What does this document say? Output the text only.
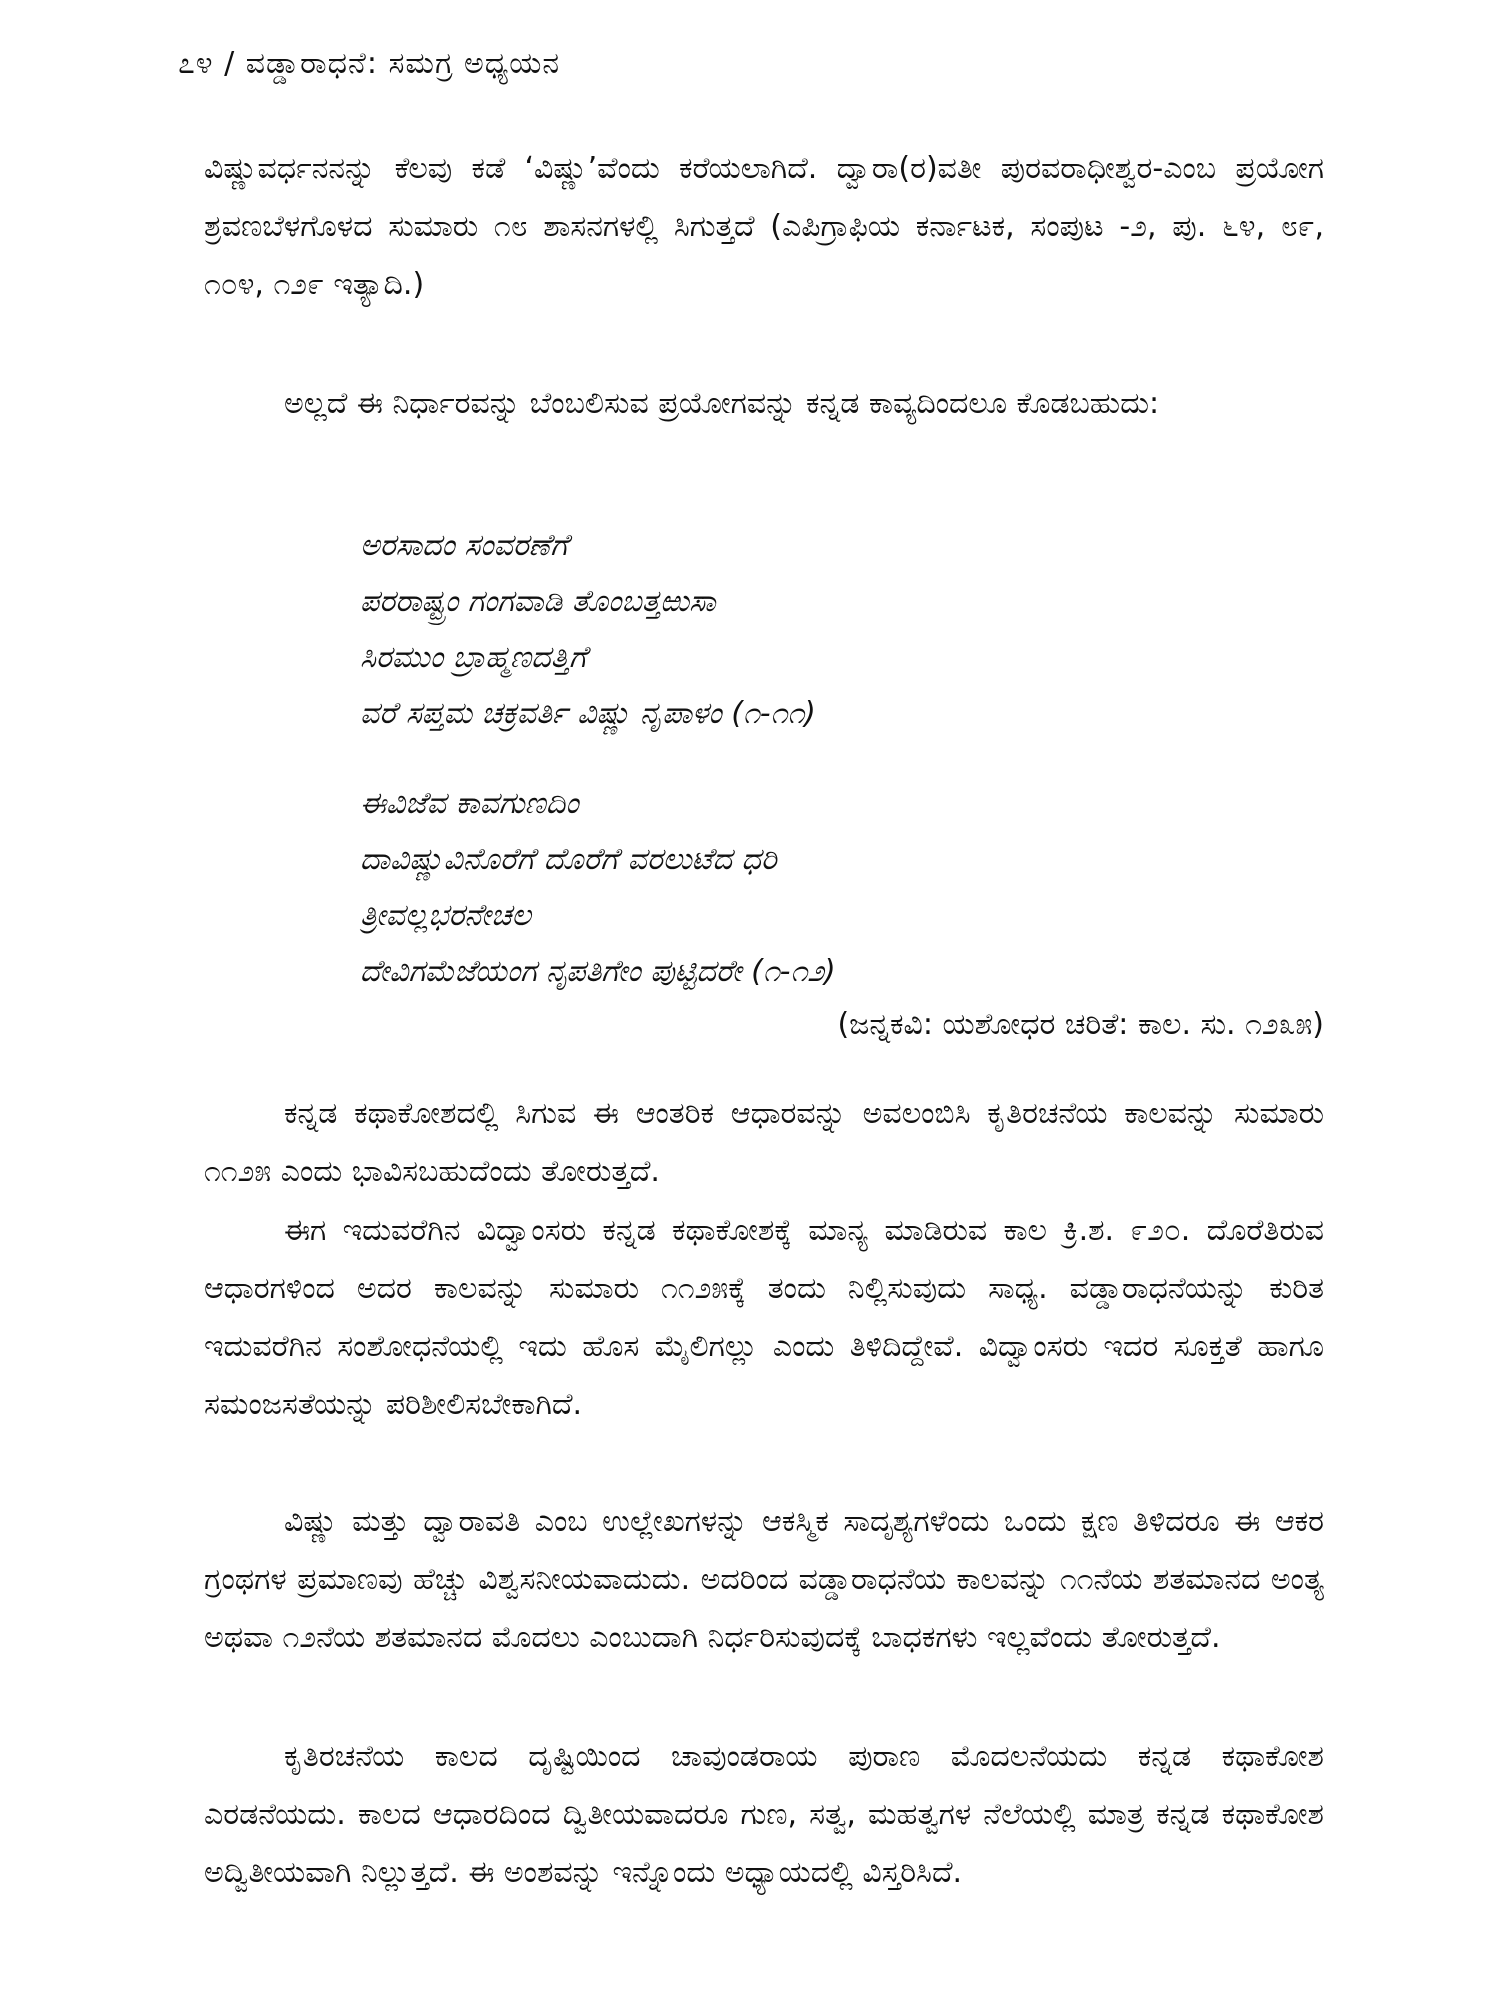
೭೪ / ವಡ್ಡಾರಾಧನೆ: ಸಮಗ್ರ ಅಧ್ಯಯನ

ವಿಷ್ಣುವರ್ಧನನನ್ನು ಕೆಲವು ಕಡೆ ‘ವಿಷ್ಣು’ವೆಂದು ಕರೆಯಲಾಗಿದೆ. ದ್ವಾರಾ(ರ)ವತೀ ಪುರವರಾಧೀಶ್ವರ-ಎಂಬ ಪ್ರಯೋಗ ಶ್ರವಣಬೆಳಗೊಳದ ಸುಮಾರು ೧೮ ಶಾಸನಗಳಲ್ಲಿ ಸಿಗುತ್ತದೆ (ಎಪಿಗ್ರಾಫಿಯ ಕರ್ನಾಟಕ, ಸಂಪುಟ -೨, ಪು. ೬೪, ೮೯, ೧೦೪, ೧೨೯ ಇತ್ಯಾದಿ.)

ಅಲ್ಲದೆ ಈ ನಿರ್ಧಾರವನ್ನು ಬೆಂಬಲಿಸುವ ಪ್ರಯೋಗವನ್ನು ಕನ್ನಡ ಕಾವ್ಯದಿಂದಲೂ ಕೊಡಬಹುದು:

ಅರಸಾದಂ ಸಂವರಣೆಗೆ
ಪರರಾಷ್ಟ್ರಂ ಗಂಗವಾಡಿ ತೊಂಬತ್ತಱುಸಾ
ಸಿರಮುಂ ಬ್ರಾಹ್ಮಣದತ್ತಿಗೆ
ವರೆ ಸಪ್ತಮ ಚಕ್ರವರ್ತಿ ವಿಷ್ಣು ನೃಪಾಳಂ (೧-೧೧)
ಈವಿಜೆವ ಕಾವಗುಣದಿಂ
ದಾವಿಷ್ಣುವಿನೊರೆಗೆ ದೊರೆಗೆ ವರಲುಟೆದ ಧರಿ
ತ್ರೀವಲ್ಲಭರನೇಚಲ
ದೇವಿಗಮೆಜೆಯಂಗ ನೃಪತಿಗೇಂ ಪುಟ್ಟಿದರೇ (೧-೧೨)
(ಜನ್ನಕವಿ: ಯಶೋಧರ ಚರಿತೆ: ಕಾಲ. ಸು. ೧೨೩೫)

ಕನ್ನಡ ಕಥಾಕೋಶದಲ್ಲಿ ಸಿಗುವ ಈ ಆಂತರಿಕ ಆಧಾರವನ್ನು ಅವಲಂಬಿಸಿ ಕೃತಿರಚನೆಯ ಕಾಲವನ್ನು ಸುಮಾರು ೧೧೨೫ ಎಂದು ಭಾವಿಸಬಹುದೆಂದು ತೋರುತ್ತದೆ.

ಈಗ ಇದುವರೆಗಿನ ವಿದ್ವಾಂಸರು ಕನ್ನಡ ಕಥಾಕೋಶಕ್ಕೆ ಮಾನ್ಯ ಮಾಡಿರುವ ಕಾಲ ಕ್ರಿ.ಶ. ೯೨೦. ದೊರೆತಿರುವ ಆಧಾರಗಳಿಂದ ಅದರ ಕಾಲವನ್ನು ಸುಮಾರು ೧೧೨೫ಕ್ಕೆ ತಂದು ನಿಲ್ಲಿಸುವುದು ಸಾಧ್ಯ. ವಡ್ಡಾರಾಧನೆಯನ್ನು ಕುರಿತ ಇದುವರೆಗಿನ ಸಂಶೋಧನೆಯಲ್ಲಿ ಇದು ಹೊಸ ಮೈಲಿಗಲ್ಲು ಎಂದು ತಿಳಿದಿದ್ದೇವೆ. ವಿದ್ವಾಂಸರು ಇದರ ಸೂಕ್ತತೆ ಹಾಗೂ ಸಮಂಜಸತೆಯನ್ನು ಪರಿಶೀಲಿಸಬೇಕಾಗಿದೆ.

ವಿಷ್ಣು ಮತ್ತು ದ್ವಾರಾವತಿ ಎಂಬ ಉಲ್ಲೇಖಗಳನ್ನು ಆಕಸ್ಮಿಕ ಸಾದೃಶ್ಯಗಳೆಂದು ಒಂದು ಕ್ಷಣ ತಿಳಿದರೂ ಈ ಆಕರ ಗ್ರಂಥಗಳ ಪ್ರಮಾಣವು ಹೆಚ್ಚು ವಿಶ್ವಸನೀಯವಾದುದು. ಅದರಿಂದ ವಡ್ಡಾರಾಧನೆಯ ಕಾಲವನ್ನು ೧೧ನೆಯ ಶತಮಾನದ ಅಂತ್ಯ ಅಥವಾ ೧೨ನೆಯ ಶತಮಾನದ ಮೊದಲು ಎಂಬುದಾಗಿ ನಿರ್ಧರಿಸುವುದಕ್ಕೆ ಬಾಧಕಗಳು ಇಲ್ಲವೆಂದು ತೋರುತ್ತದೆ.

ಕೃತಿರಚನೆಯ ಕಾಲದ ದೃಷ್ಟಿಯಿಂದ ಚಾವುಂಡರಾಯ ಪುರಾಣ ಮೊದಲನೆಯದು ಕನ್ನಡ ಕಥಾಕೋಶ ಎರಡನೆಯದು. ಕಾಲದ ಆಧಾರದಿಂದ ದ್ವಿತೀಯವಾದರೂ ಗುಣ, ಸತ್ವ, ಮಹತ್ವಗಳ ನೆಲೆಯಲ್ಲಿ ಮಾತ್ರ ಕನ್ನಡ ಕಥಾಕೋಶ ಅದ್ವಿತೀಯವಾಗಿ ನಿಲ್ಲುತ್ತದೆ. ಈ ಅಂಶವನ್ನು ಇನ್ನೊಂದು ಅಧ್ಯಾಯದಲ್ಲಿ ವಿಸ್ತರಿಸಿದೆ.
